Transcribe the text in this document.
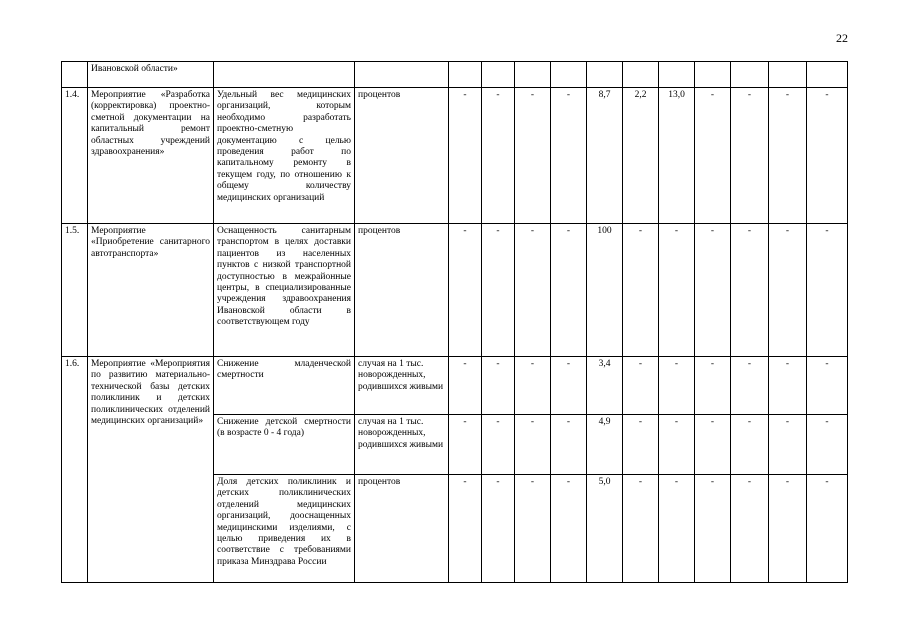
22
	Ивановской области»													
1.4.	Мероприятие «Разработка (корректировка) проектно-сметной документации на капитальный ремонт областных учреждений здравоохранения»	Удельный вес медицинских организаций, которым необходимо разработать проектно-сметную документацию с целью проведения работ по капитальному ремонту в текущем году, по отношению к общему количеству медицинских организаций	процентов	-	-	-	-	8,7	2,2	13,0	-	-	-	-
1.5.	Мероприятие «Приобретение санитарного автотранспорта»	Оснащенность санитарным транспортом в целях доставки пациентов из населенных пунктов с низкой транспортной доступностью в межрайонные центры, в специализированные учреждения здравоохранения Ивановской области в соответствующем году	процентов	-	-	-	-	100	-	-	-	-	-	-
1.6.	Мероприятие «Мероприятия по развитию материально-технической базы детских поликлиник и детских поликлинических отделений медицинских организаций»	Снижение младенческой смертности	случая на 1 тыс. новорожденных, родившихся живыми	-	-	-	-	3,4	-	-	-	-	-	-
		Снижение детской смертности (в возрасте 0 - 4 года)	случая на 1 тыс. новорожденных, родившихся живыми	-	-	-	-	4,9	-	-	-	-	-	-
		Доля детских поликлиник и детских поликлинических отделений медицинских организаций, дооснащенных медицинскими изделиями, с целью приведения их в соответствие с требованиями приказа Минздрава России	процентов	-	-	-	-	5,0	-	-	-	-	-	-
